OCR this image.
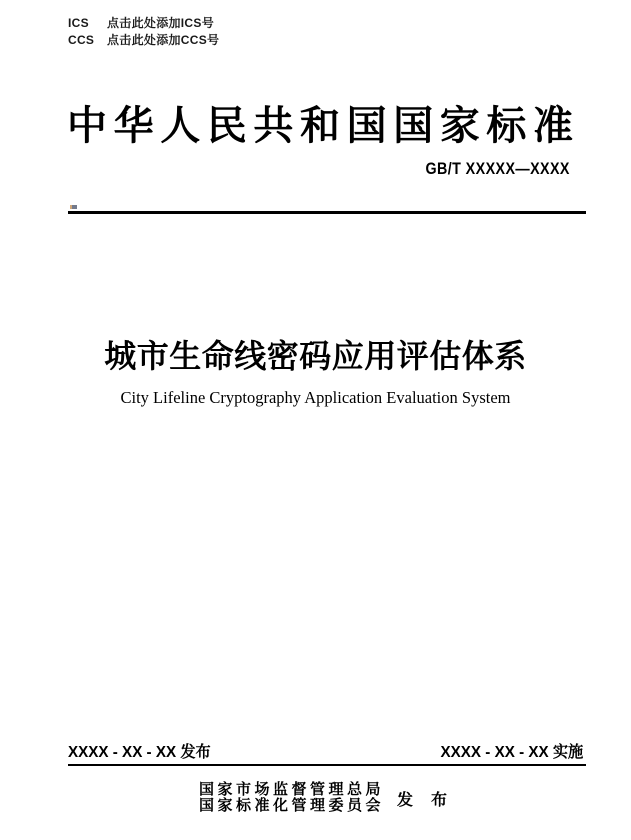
ICS 点击此处添加ICS号
CCS 点击此处添加CCS号
中华人民共和国国家标准
GB/T XXXXX—XXXX
城市生命线密码应用评估体系
City Lifeline Cryptography Application Evaluation System
XXXX - XX - XX 发布	XXXX - XX - XX 实施
国家市场监督管理总局
国家标准化管理委员会 发 布
